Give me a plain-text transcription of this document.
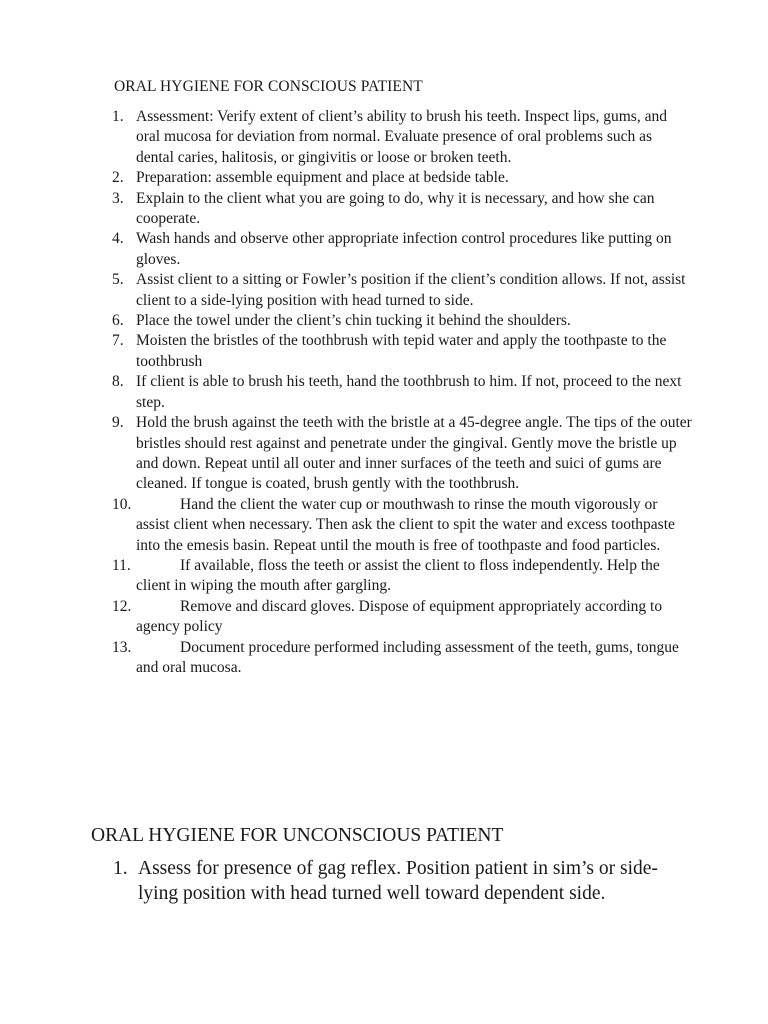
ORAL HYGIENE FOR CONSCIOUS PATIENT
1. Assessment: Verify extent of client’s ability to brush his teeth. Inspect lips, gums, and oral mucosa for deviation from normal. Evaluate presence of oral problems such as dental caries, halitosis, or gingivitis or loose or broken teeth.
2. Preparation: assemble equipment and place at bedside table.
3. Explain to the client what you are going to do, why it is necessary, and how she can cooperate.
4. Wash hands and observe other appropriate infection control procedures like putting on gloves.
5. Assist client to a sitting or Fowler’s position if the client’s condition allows. If not, assist client to a side-lying position with head turned to side.
6. Place the towel under the client’s chin tucking it behind the shoulders.
7. Moisten the bristles of the toothbrush with tepid water and apply the toothpaste to the toothbrush
8. If client is able to brush his teeth, hand the toothbrush to him. If not, proceed to the next step.
9. Hold the brush against the teeth with the bristle at a 45-degree angle. The tips of the outer bristles should rest against and penetrate under the gingival. Gently move the bristle up and down. Repeat until all outer and inner surfaces of the teeth and suici of gums are cleaned. If tongue is coated, brush gently with the toothbrush.
10.	Hand the client the water cup or mouthwash to rinse the mouth vigorously or assist client when necessary. Then ask the client to spit the water and excess toothpaste into the emesis basin. Repeat until the mouth is free of toothpaste and food particles.
11.	If available, floss the teeth or assist the client to floss independently. Help the client in wiping the mouth after gargling.
12.	Remove and discard gloves. Dispose of equipment appropriately according to agency policy
13.	Document procedure performed including assessment of the teeth, gums, tongue and oral mucosa.
ORAL HYGIENE FOR UNCONSCIOUS PATIENT
1. Assess for presence of gag reflex. Position patient in sim’s or side-lying position with head turned well toward dependent side.
